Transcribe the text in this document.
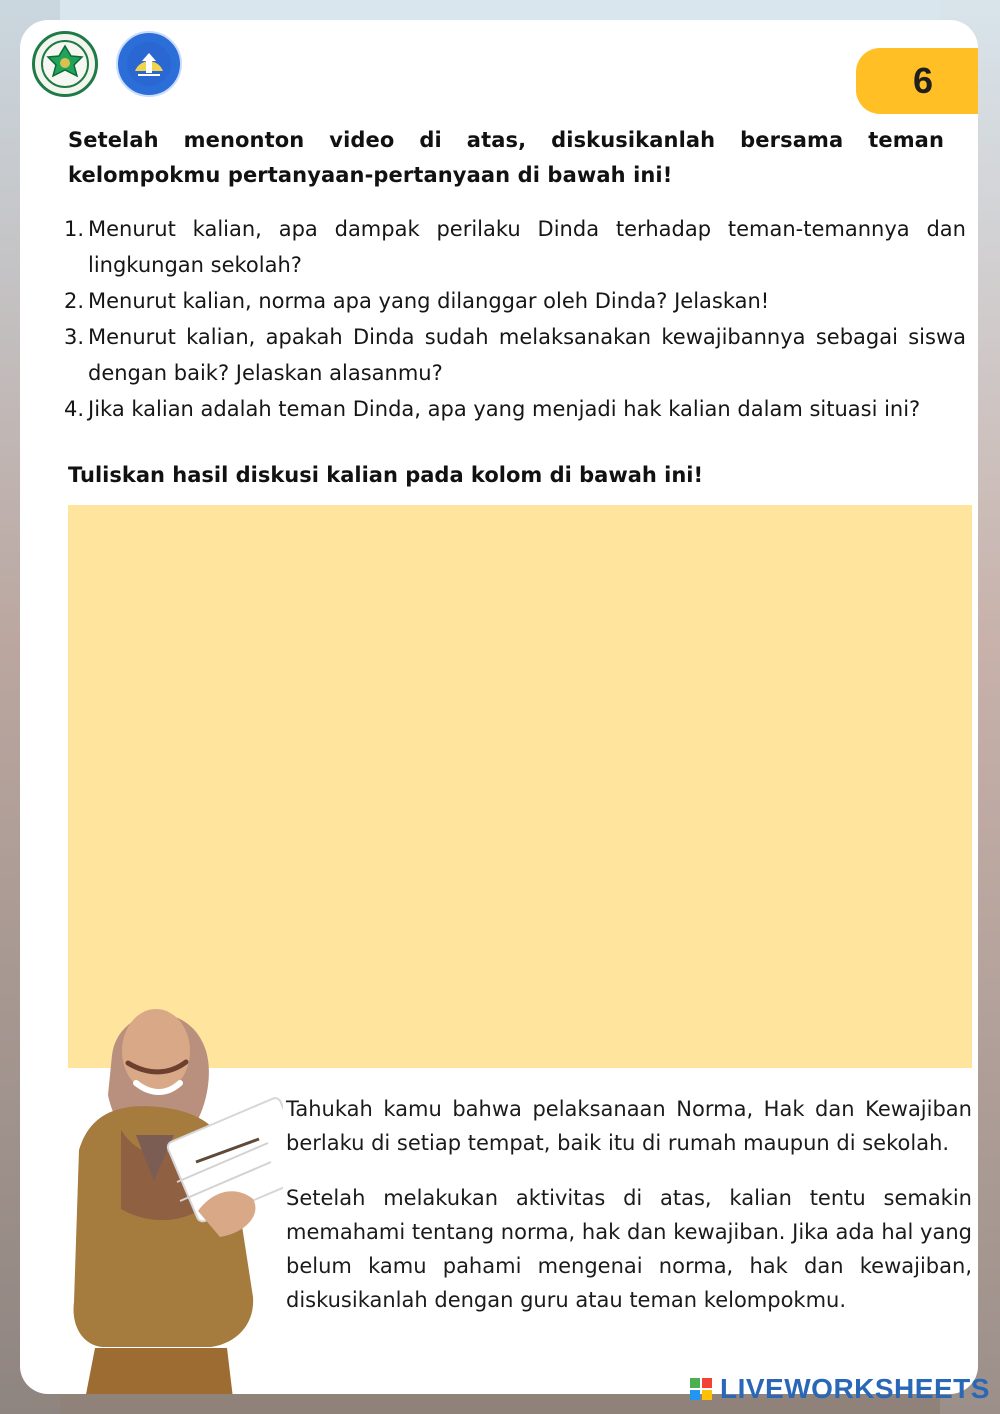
6

Setelah menonton video di atas, diskusikanlah bersama teman kelompokmu pertanyaan-pertanyaan di bawah ini!

1. Menurut kalian, apa dampak perilaku Dinda terhadap teman-temannya dan lingkungan sekolah?
2. Menurut kalian, norma apa yang dilanggar oleh Dinda? Jelaskan!
3. Menurut kalian, apakah Dinda sudah melaksanakan kewajibannya sebagai siswa dengan baik? Jelaskan alasanmu?
4. Jika kalian adalah teman Dinda, apa yang menjadi hak kalian dalam situasi ini?

Tuliskan hasil diskusi kalian pada kolom di bawah ini!

Tahukah kamu bahwa pelaksanaan Norma, Hak dan Kewajiban berlaku di setiap tempat, baik itu di rumah maupun di sekolah.

Setelah melakukan aktivitas di atas, kalian tentu semakin memahami tentang norma, hak dan kewajiban. Jika ada hal yang belum kamu pahami mengenai norma, hak dan kewajiban, diskusikanlah dengan guru atau teman kelompokmu.

LIVEWORKSHEETS
